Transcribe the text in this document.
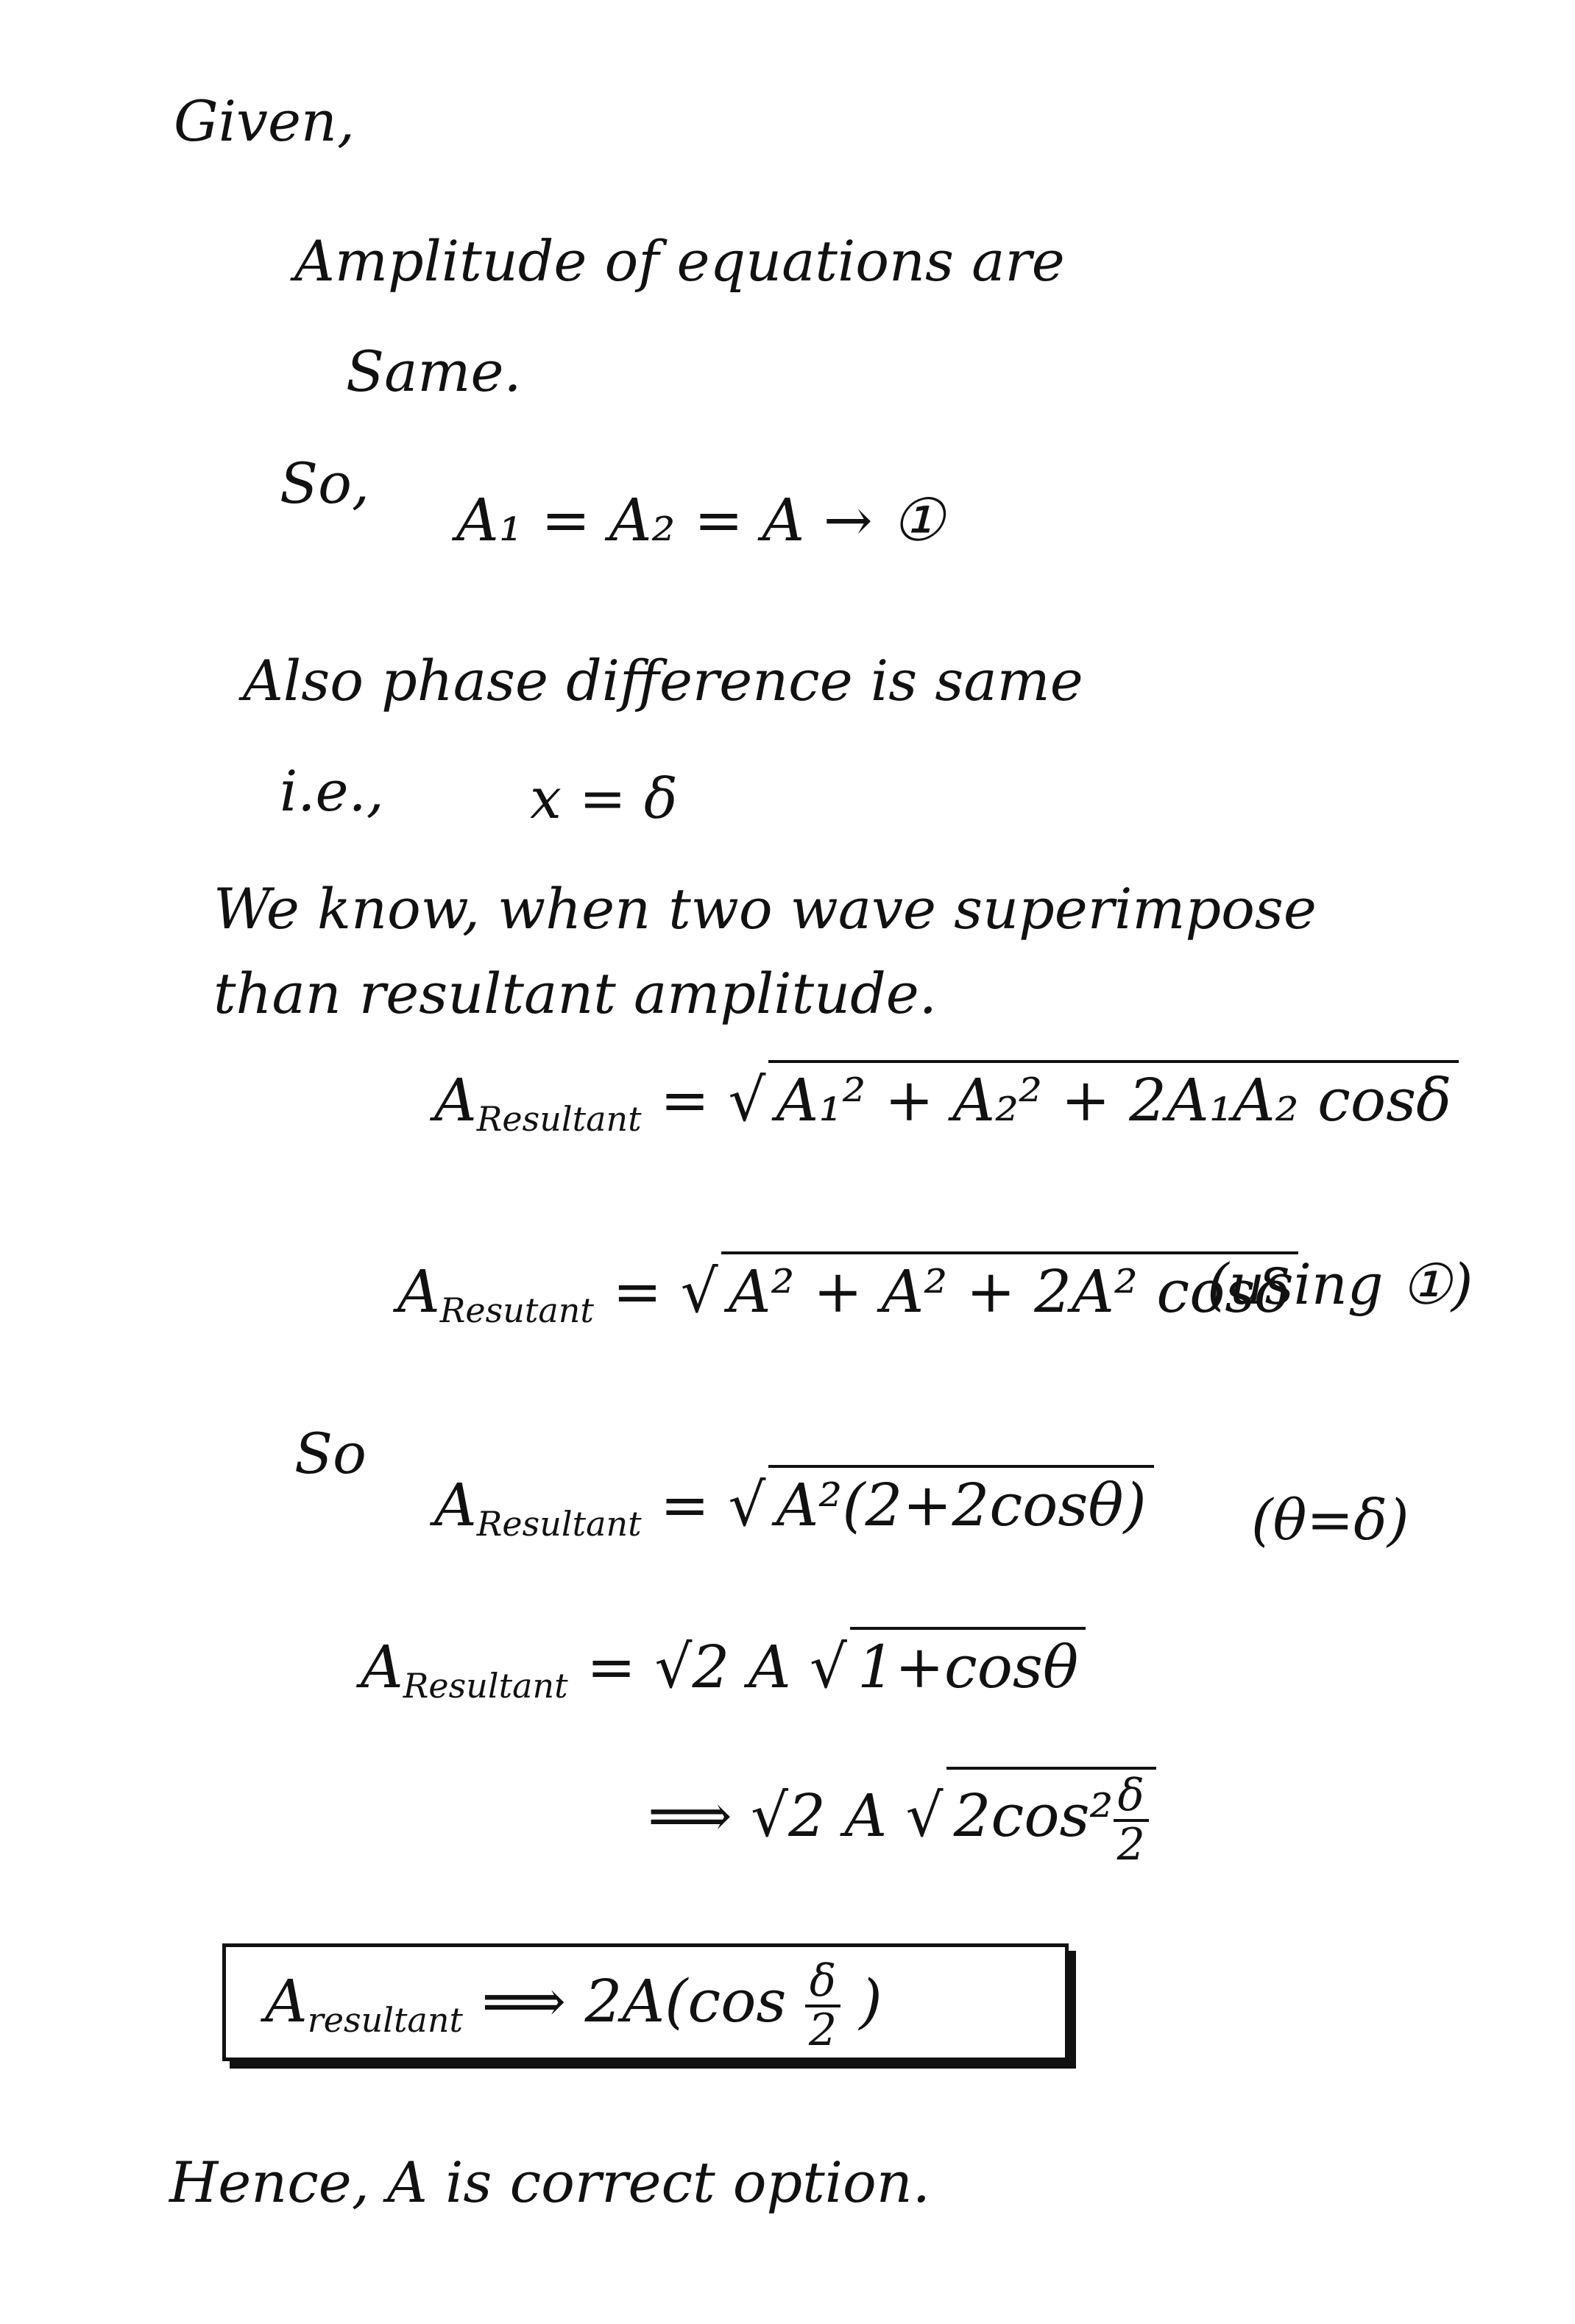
Given,
Amplitude of equations are
Same.
So,
A₁ = A₂ = A → ①
Also phase difference is same
i.e.,	x = δ
We know, when two wave superimpose
than resultant amplitude.
$A_{Resultant}$ = √ A₁² + A₂² + 2A₁A₂ cosδ
$A_{Resutant}$ = √ A² + A² + 2A² cosδ
(using ①)
So
$A_{Resultant}$ = √ A²(2+2cosθ) (θ=δ)
$A_{Resultant} = √2$ A √ 1+cosθ
⟹ √2 A √ $2\cos^2 \frac{\delta}{2}$
$A_{resultant}$ ⟹ $2A(\cos \frac{\delta}{2}$ )
Hence, A is correct option.
